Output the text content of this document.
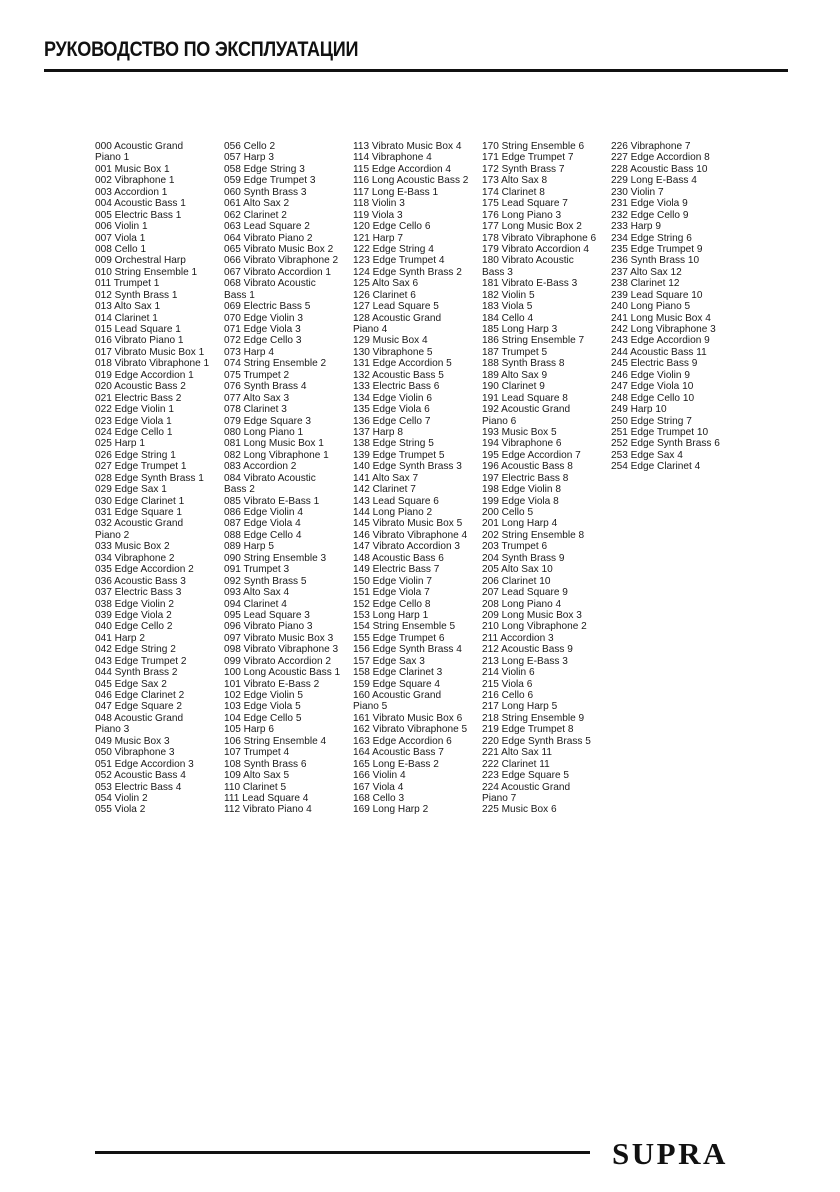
РУКОВОДСТВО ПО ЭКСПЛУАТАЦИИ
000 Acoustic Grand
Piano 1
001 Music Box 1
002 Vibraphone 1
003 Accordion 1
004 Acoustic Bass 1
005 Electric Bass 1
006 Violin 1
007 Viola 1
008 Cello 1
009 Orchestral Harp
010 String Ensemble 1
011 Trumpet 1
012 Synth Brass 1
013 Alto Sax 1
014 Clarinet 1
015 Lead Square 1
016 Vibrato Piano 1
017 Vibrato Music Box 1
018 Vibrato Vibraphone 1
019 Edge Accordion 1
020 Acoustic Bass 2
021 Electric Bass 2
022 Edge Violin 1
023 Edge Viola 1
024 Edge Cello 1
025 Harp 1
026 Edge String 1
027 Edge Trumpet 1
028 Edge Synth Brass 1
029 Edge Sax 1
030 Edge Clarinet 1
031 Edge Square 1
032 Acoustic Grand
Piano 2
033 Music Box 2
034 Vibraphone 2
035 Edge Accordion 2
036 Acoustic Bass 3
037 Electric Bass 3
038 Edge Violin 2
039 Edge Viola 2
040 Edge Cello 2
041 Harp 2
042 Edge String 2
043 Edge Trumpet 2
044 Synth Brass 2
045 Edge Sax 2
046 Edge Clarinet 2
047 Edge Square 2
048 Acoustic Grand
Piano 3
049 Music Box 3
050 Vibraphone 3
051 Edge Accordion 3
052 Acoustic Bass 4
053 Electric Bass 4
054 Violin 2
055 Viola 2
056 Cello 2
057 Harp 3
058 Edge String 3
059 Edge Trumpet 3
060 Synth Brass 3
061 Alto Sax 2
062 Clarinet 2
063 Lead Square 2
064 Vibrato Piano 2
065 Vibrato Music Box 2
066 Vibrato Vibraphone 2
067 Vibrato Accordion 1
068 Vibrato Acoustic
Bass 1
069 Electric Bass 5
070 Edge Violin 3
071 Edge Viola 3
072 Edge Cello 3
073 Harp 4
074 String Ensemble 2
075 Trumpet 2
076 Synth Brass 4
077 Alto Sax 3
078 Clarinet 3
079 Edge Square 3
080 Long Piano 1
081 Long Music Box 1
082 Long Vibraphone 1
083 Accordion 2
084 Vibrato Acoustic
Bass 2
085 Vibrato E-Bass 1
086 Edge Violin 4
087 Edge Viola 4
088 Edge Cello 4
089 Harp 5
090 String Ensemble 3
091 Trumpet 3
092 Synth Brass 5
093 Alto Sax 4
094 Clarinet 4
095 Lead Square 3
096 Vibrato Piano 3
097 Vibrato Music Box 3
098 Vibrato Vibraphone 3
099 Vibrato Accordion 2
100 Long Acoustic Bass 1
101 Vibrato E-Bass 2
102 Edge Violin 5
103 Edge Viola 5
104 Edge Cello 5
105 Harp 6
106 String Ensemble 4
107 Trumpet 4
108 Synth Brass 6
109 Alto Sax 5
110 Clarinet 5
111 Lead Square 4
112 Vibrato Piano 4
113 Vibrato Music Box 4
114 Vibraphone 4
115 Edge Accordion 4
116 Long Acoustic Bass 2
117 Long E-Bass 1
118 Violin 3
119 Viola 3
120 Edge Cello 6
121 Harp 7
122 Edge String 4
123 Edge Trumpet 4
124 Edge Synth Brass 2
125 Alto Sax 6
126 Clarinet 6
127 Lead Square 5
128 Acoustic Grand
Piano 4
129 Music Box 4
130 Vibraphone 5
131 Edge Accordion 5
132 Acoustic Bass 5
133 Electric Bass 6
134 Edge Violin 6
135 Edge Viola 6
136 Edge Cello 7
137 Harp 8
138 Edge String 5
139 Edge Trumpet 5
140 Edge Synth Brass 3
141 Alto Sax 7
142 Clarinet 7
143 Lead Square 6
144 Long Piano 2
145 Vibrato Music Box 5
146 Vibrato Vibraphone 4
147 Vibrato Accordion 3
148 Acoustic Bass 6
149 Electric Bass 7
150 Edge Violin 7
151 Edge Viola 7
152 Edge Cello 8
153 Long Harp 1
154 String Ensemble 5
155 Edge Trumpet 6
156 Edge Synth Brass 4
157 Edge Sax 3
158 Edge Clarinet 3
159 Edge Square 4
160 Acoustic Grand
Piano 5
161 Vibrato Music Box 6
162 Vibrato Vibraphone 5
163 Edge Accordion 6
164 Acoustic Bass 7
165 Long E-Bass 2
166 Violin 4
167 Viola 4
168 Cello 3
169 Long Harp 2
170 String Ensemble 6
171 Edge Trumpet 7
172 Synth Brass 7
173 Alto Sax 8
174 Clarinet 8
175 Lead Square 7
176 Long Piano 3
177 Long Music Box 2
178 Vibrato Vibraphone 6
179 Vibrato Accordion 4
180 Vibrato Acoustic
Bass 3
181 Vibrato E-Bass 3
182 Violin 5
183 Viola 5
184 Cello 4
185 Long Harp 3
186 String Ensemble 7
187 Trumpet 5
188 Synth Brass 8
189 Alto Sax 9
190 Clarinet 9
191 Lead Square 8
192 Acoustic Grand
Piano 6
193 Music Box 5
194 Vibraphone 6
195 Edge Accordion 7
196 Acoustic Bass 8
197 Electric Bass 8
198 Edge Violin 8
199 Edge Viola 8
200 Cello 5
201 Long Harp 4
202 String Ensemble 8
203 Trumpet 6
204 Synth Brass 9
205 Alto Sax 10
206 Clarinet 10
207 Lead Square 9
208 Long Piano 4
209 Long Music Box 3
210 Long Vibraphone 2
211 Accordion 3
212 Acoustic Bass 9
213 Long E-Bass 3
214 Violin 6
215 Viola 6
216 Cello 6
217 Long Harp 5
218 String Ensemble 9
219 Edge Trumpet 8
220 Edge Synth Brass 5
221 Alto Sax 11
222 Clarinet 11
223 Edge Square 5
224 Acoustic Grand
Piano 7
225 Music Box 6
226 Vibraphone 7
227 Edge Accordion 8
228 Acoustic Bass 10
229 Long E-Bass 4
230 Violin 7
231 Edge Viola 9
232 Edge Cello 9
233 Harp 9
234 Edge String 6
235 Edge Trumpet 9
236 Synth Brass 10
237 Alto Sax 12
238 Clarinet 12
239 Lead Square 10
240 Long Piano 5
241 Long Music Box 4
242 Long Vibraphone 3
243 Edge Accordion 9
244 Acoustic Bass 11
245 Electric Bass 9
246 Edge Violin 9
247 Edge Viola 10
248 Edge Cello 10
249 Harp 10
250 Edge String 7
251 Edge Trumpet 10
252 Edge Synth Brass 6
253 Edge Sax 4
254 Edge Clarinet 4
SUPRA
